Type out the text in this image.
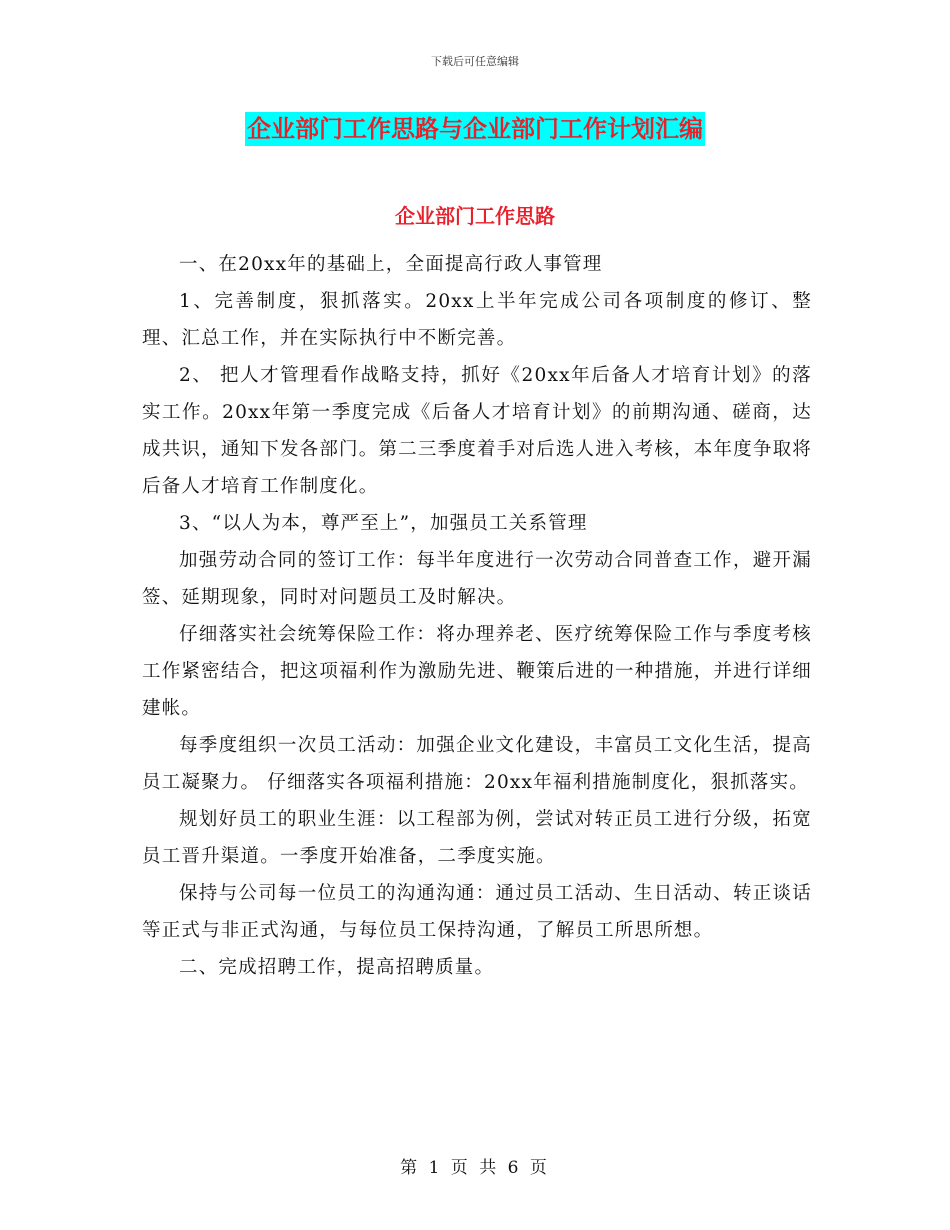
下载后可任意编辑
企业部门工作思路与企业部门工作计划汇编
企业部门工作思路

一、在20xx年的基础上，全面提高行政人事管理

1、完善制度，狠抓落实。20xx上半年完成公司各项制度的修订、整理、汇总工作，并在实际执行中不断完善。

2、 把人才管理看作战略支持，抓好《20xx年后备人才培育计划》的落实工作。20xx年第一季度完成《后备人才培育计划》的前期沟通、磋商，达成共识，通知下发各部门。第二三季度着手对后选人进入考核，本年度争取将后备人才培育工作制度化。

3、“以人为本，尊严至上”，加强员工关系管理

加强劳动合同的签订工作：每半年度进行一次劳动合同普查工作，避开漏签、延期现象，同时对问题员工及时解决。

仔细落实社会统筹保险工作：将办理养老、医疗统筹保险工作与季度考核工作紧密结合，把这项福利作为激励先进、鞭策后进的一种措施，并进行详细建帐。

每季度组织一次员工活动：加强企业文化建设，丰富员工文化生活，提高员工凝聚力。 仔细落实各项福利措施：20xx年福利措施制度化，狠抓落实。

规划好员工的职业生涯：以工程部为例，尝试对转正员工进行分级，拓宽员工晋升渠道。一季度开始准备，二季度实施。

保持与公司每一位员工的沟通沟通：通过员工活动、生日活动、转正谈话等正式与非正式沟通，与每位员工保持沟通，了解员工所思所想。

二、完成招聘工作，提高招聘质量。

第 1 页 共 6 页
